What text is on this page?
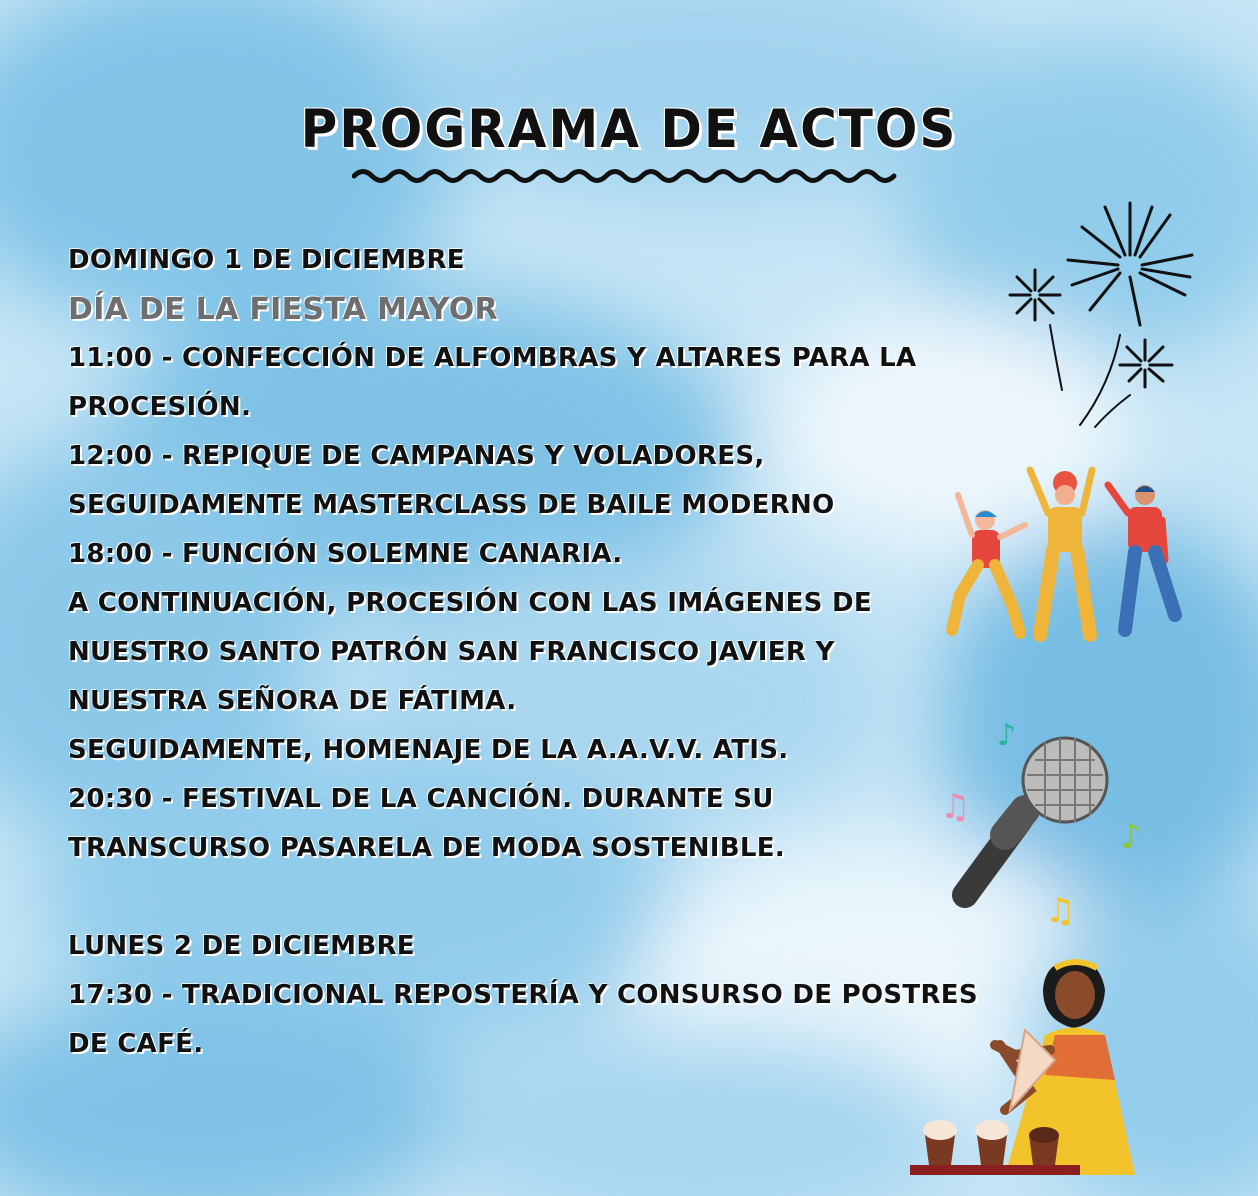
PROGRAMA DE ACTOS
DOMINGO 1 DE DICIEMBRE
DÍA DE LA FIESTA MAYOR
11:00 - CONFECCIÓN DE ALFOMBRAS Y ALTARES PARA LA
PROCESIÓN.
12:00 - REPIQUE DE CAMPANAS Y VOLADORES,
SEGUIDAMENTE MASTERCLASS DE BAILE MODERNO
18:00 - FUNCIÓN SOLEMNE CANARIA.
A CONTINUACIÓN, PROCESIÓN CON LAS IMÁGENES DE
NUESTRO SANTO PATRÓN SAN FRANCISCO JAVIER Y
NUESTRA SEÑORA DE FÁTIMA.
SEGUIDAMENTE, HOMENAJE DE LA A.A.V.V. ATIS.
20:30 - FESTIVAL DE LA CANCIÓN. DURANTE SU
TRANSCURSO PASARELA DE MODA SOSTENIBLE.
LUNES 2 DE DICIEMBRE
17:30 - TRADICIONAL REPOSTERÍA Y CONSURSO DE POSTRES
DE CAFÉ.
♪
♫
♪
♫
